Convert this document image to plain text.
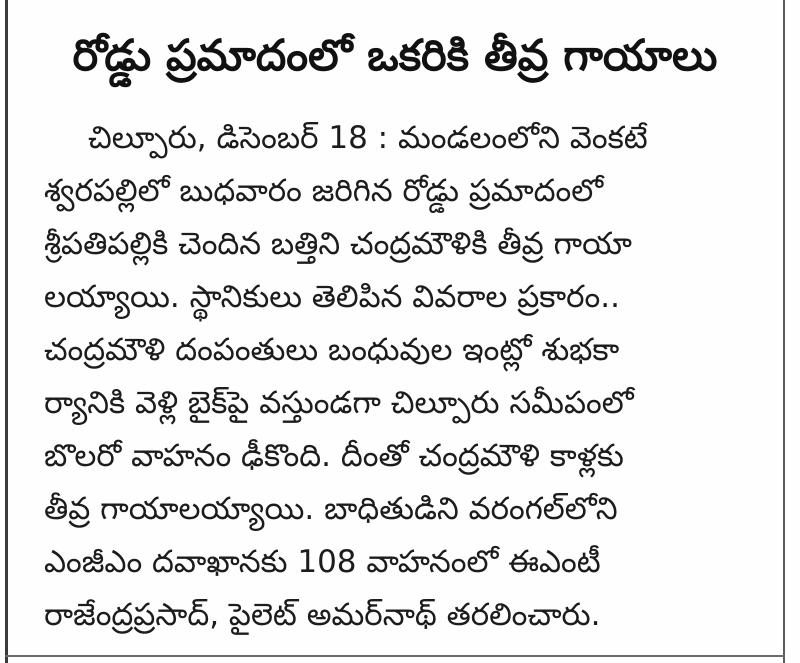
రోడ్డు ప్రమాదంలో ఒకరికి తీవ్ర గాయాలు
చిల్పూరు, డిసెంబర్ 18 : మండలంలోని వెంకటే
శ్వరపల్లిలో బుధవారం జరిగిన రోడ్డు ప్రమాదంలో
శ్రీపతిపల్లికి చెందిన బత్తిని చంద్రమౌళికి తీవ్ర గాయా
లయ్యాయి. స్థానికులు తెలిపిన వివరాల ప్రకారం..
చంద్రమౌళి దంపంతులు బంధువుల ఇంట్లో శుభకా
ర్యానికి వెళ్లి బైక్‌పై వస్తుండగా చిల్పూరు సమీపంలో
బొలరో వాహనం ఢీకొంది. దీంతో చంద్రమౌళి కాళ్లకు
తీవ్ర గాయాలయ్యాయి. బాధితుడిని వరంగల్‌లోని
ఎంజీఎం దవాఖానకు 108 వాహనంలో ఈఎంటీ
రాజేంద్రప్రసాద్, పైలెట్ అమర్‌నాథ్ తరలించారు.
